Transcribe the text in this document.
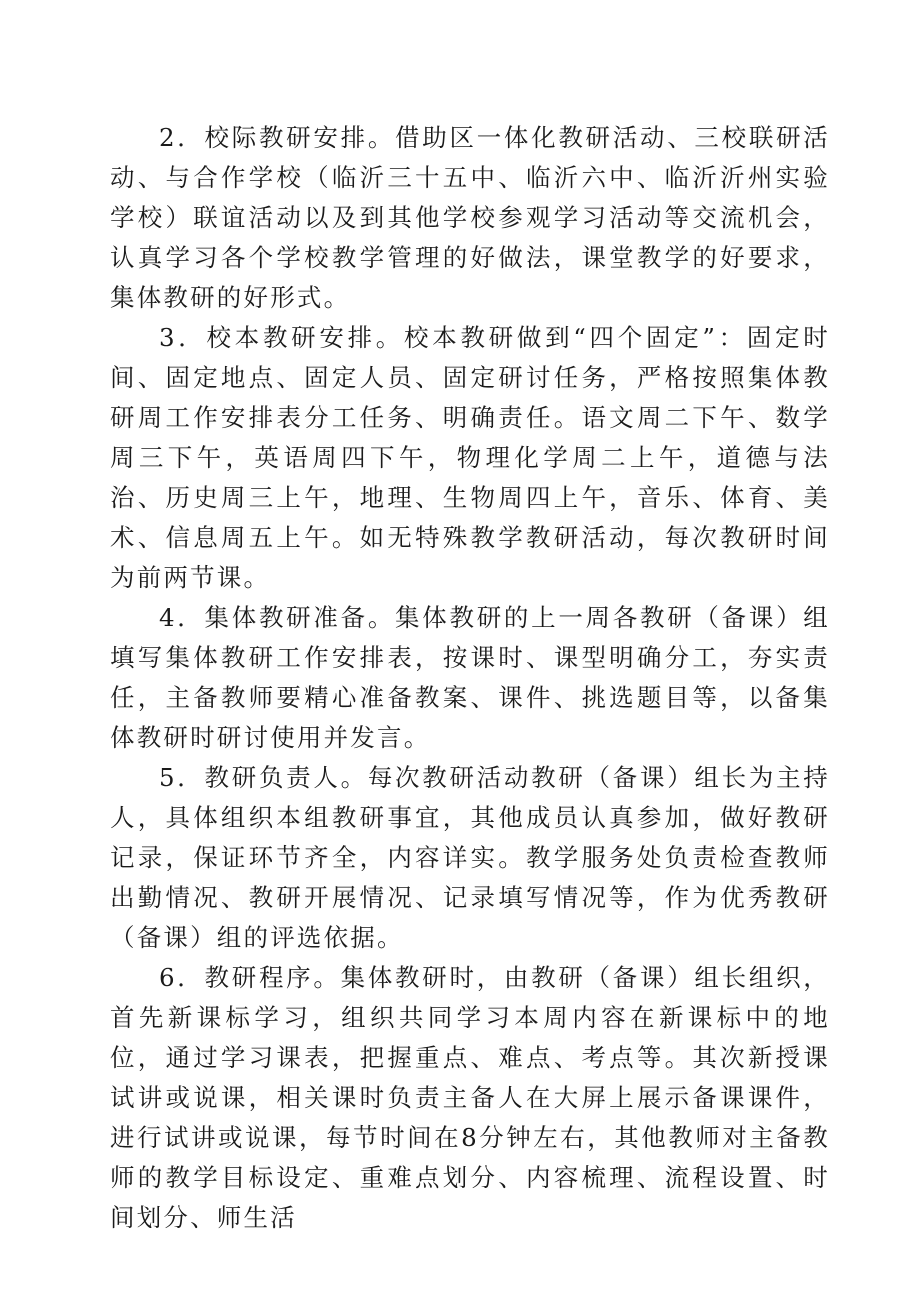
2．校际教研安排。借助区一体化教研活动、三校联研活动、与合作学校（临沂三十五中、临沂六中、临沂沂州实验学校）联谊活动以及到其他学校参观学习活动等交流机会，认真学习各个学校教学管理的好做法，课堂教学的好要求，集体教研的好形式。

3．校本教研安排。校本教研做到“四个固定”：固定时间、固定地点、固定人员、固定研讨任务，严格按照集体教研周工作安排表分工任务、明确责任。语文周二下午、数学周三下午，英语周四下午，物理化学周二上午，道德与法治、历史周三上午，地理、生物周四上午，音乐、体育、美术、信息周五上午。如无特殊教学教研活动，每次教研时间为前两节课。

4．集体教研准备。集体教研的上一周各教研（备课）组填写集体教研工作安排表，按课时、课型明确分工，夯实责任，主备教师要精心准备教案、课件、挑选题目等，以备集体教研时研讨使用并发言。

5．教研负责人。每次教研活动教研（备课）组长为主持人，具体组织本组教研事宜，其他成员认真参加，做好教研记录，保证环节齐全，内容详实。教学服务处负责检查教师出勤情况、教研开展情况、记录填写情况等，作为优秀教研（备课）组的评选依据。

6．教研程序。集体教研时，由教研（备课）组长组织，首先新课标学习，组织共同学习本周内容在新课标中的地位，通过学习课表，把握重点、难点、考点等。其次新授课试讲或说课，相关课时负责主备人在大屏上展示备课课件，进行试讲或说课，每节时间在8分钟左右，其他教师对主备教师的教学目标设定、重难点划分、内容梳理、流程设置、时间划分、师生活
